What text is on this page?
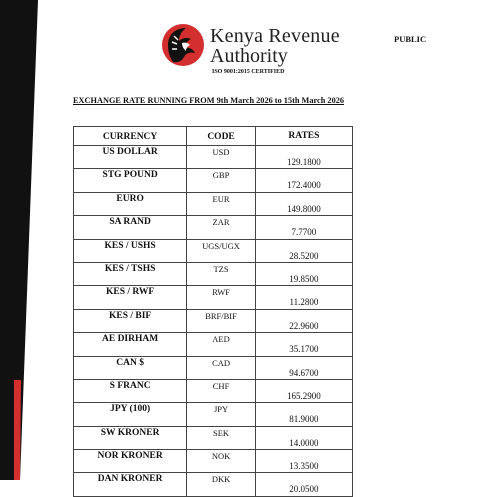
Kenya Revenue
Authority
ISO 9001:2015 CERTIFIED
PUBLIC
EXCHANGE RATE RUNNING FROM 9th March 2026 to 15th March 2026
CURRENCY	CODE	RATES
US DOLLAR	USD	129.1800

STG POUND	GBP	172.4000

EURO	EUR	149.8000

SA RAND	ZAR	7.7700

KES / USHS	UGS/UGX	28.5200

KES / TSHS	TZS	19.8500

KES / RWF	RWF	11.2800

KES / BIF	BRF/BIF	22.9600

AE DIRHAM	AED	35.1700

CAN $	CAD	94.6700

S FRANC	CHF	165.2900

JPY (100)	JPY	81.9000

SW KRONER	SEK	14.0000

NOR KRONER	NOK	13.3500

DAN KRONER	DKK	20.0500
